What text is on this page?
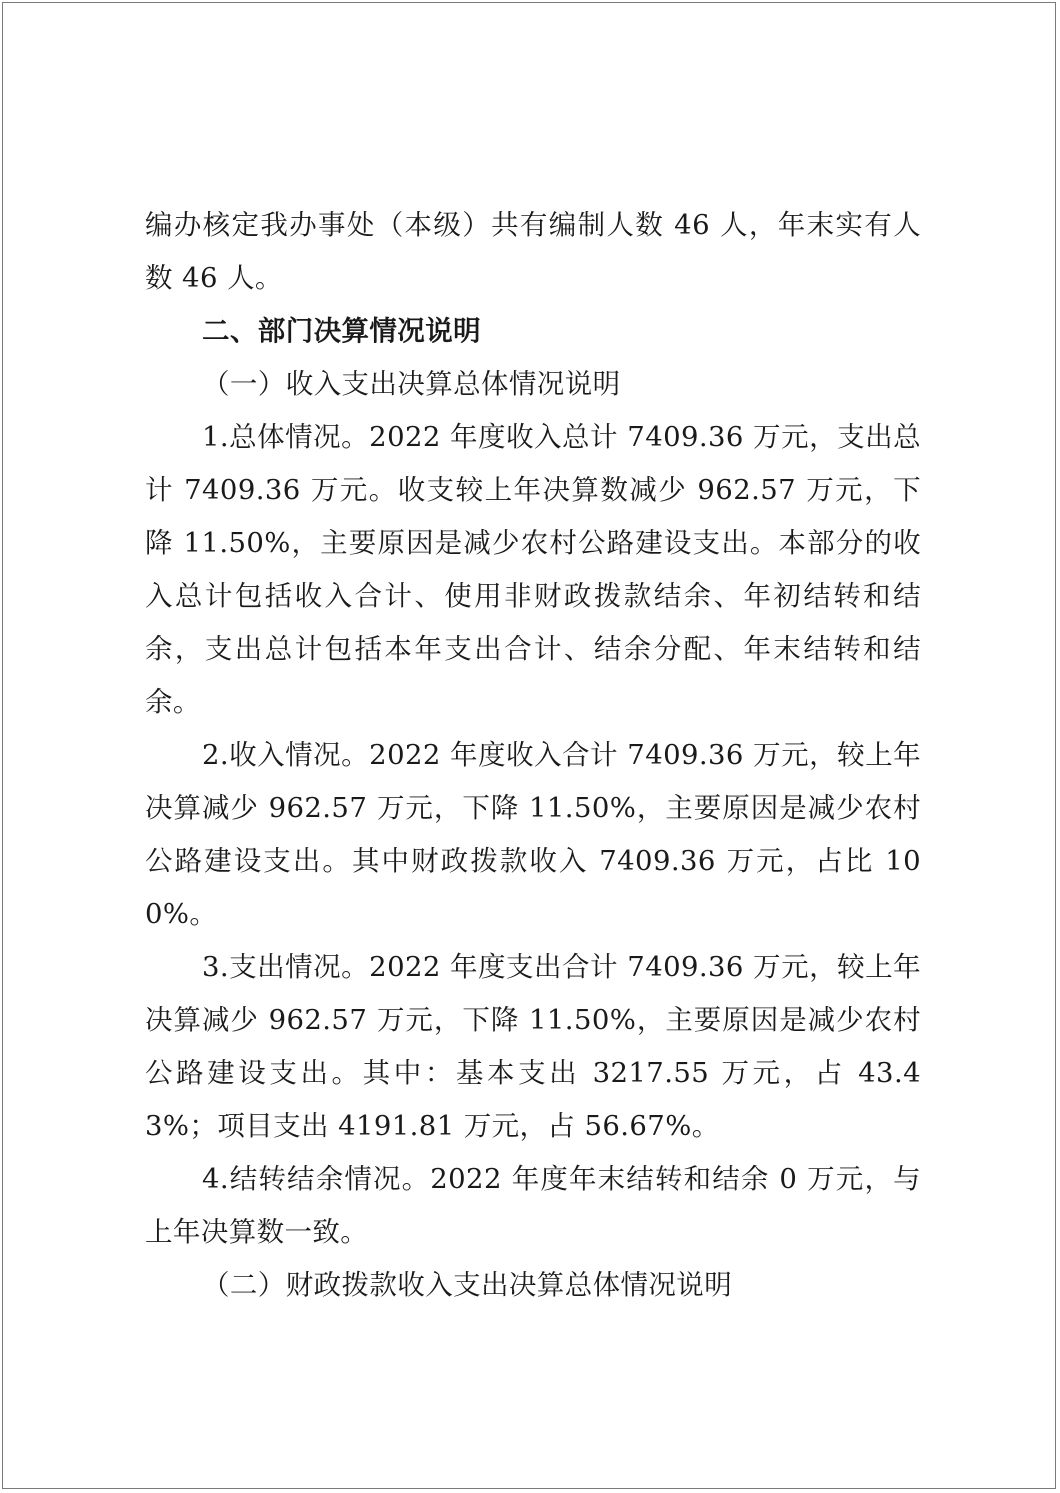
编办核定我办事处（本级）共有编制人数 46 人，年末实有人数 46 人。

二、部门决算情况说明

（一）收入支出决算总体情况说明

1.总体情况。2022 年度收入总计 7409.36 万元，支出总计 7409.36 万元。收支较上年决算数减少 962.57 万元，下降 11.50%，主要原因是减少农村公路建设支出。本部分的收入总计包括收入合计、使用非财政拨款结余、年初结转和结余，支出总计包括本年支出合计、结余分配、年末结转和结余。

2.收入情况。2022 年度收入合计 7409.36 万元，较上年决算减少 962.57 万元，下降 11.50%，主要原因是减少农村公路建设支出。其中财政拨款收入 7409.36 万元，占比 100%。

3.支出情况。2022 年度支出合计 7409.36 万元，较上年决算减少 962.57 万元，下降 11.50%，主要原因是减少农村公路建设支出。其中：基本支出 3217.55 万元，占 43.43%；项目支出 4191.81 万元，占 56.67%。

4.结转结余情况。2022 年度年末结转和结余 0 万元，与上年决算数一致。

（二）财政拨款收入支出决算总体情况说明
